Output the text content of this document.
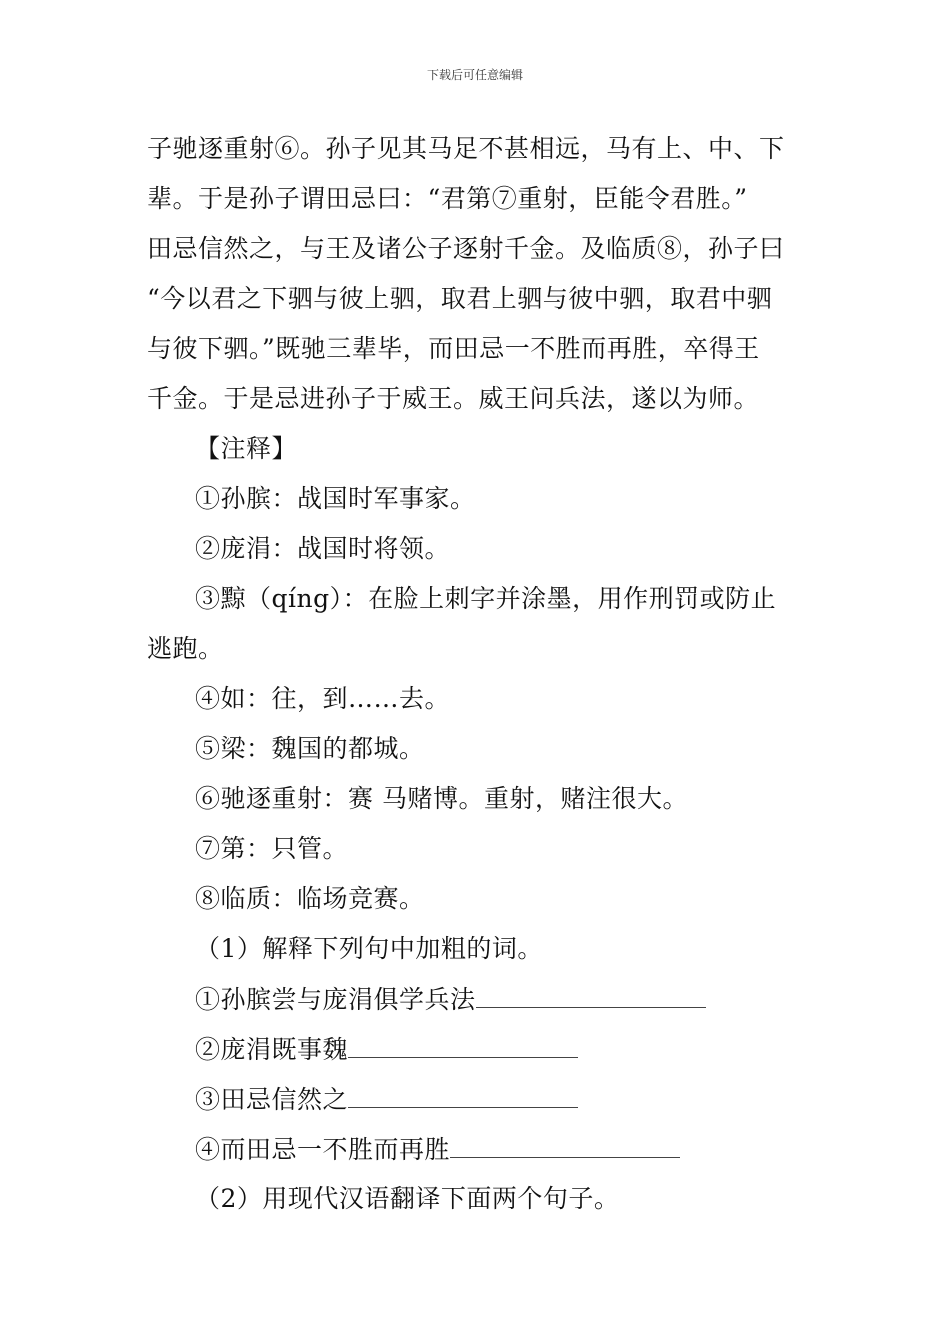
下载后可任意编辑
子驰逐重射⑥。孙子见其马足不甚相远，马有上、中、下
辈。于是孙子谓田忌曰：“君第⑦重射，臣能令君胜。”
田忌信然之，与王及诸公子逐射千金。及临质⑧，孙子曰
“今以君之下驷与彼上驷，取君上驷与彼中驷，取君中驷
与彼下驷。”既驰三辈毕，而田忌一不胜而再胜，卒得王
千金。于是忌进孙子于威王。威王问兵法，遂以为师。
【注释】
①孙膑：战国时军事家。
②庞涓：战国时将领。
③黥（qíng）：在脸上刺字并涂墨，用作刑罚或防止
逃跑。
④如：往，到……去。
⑤梁：魏国的都城。
⑥驰逐重射：赛 马赌博。重射，赌注很大。
⑦第：只管。
⑧临质：临场竞赛。
（1）解释下列句中加粗的词。
①孙膑尝与庞涓俱学兵法
②庞涓既事魏
③田忌信然之
④而田忌一不胜而再胜
（2）用现代汉语翻译下面两个句子。
